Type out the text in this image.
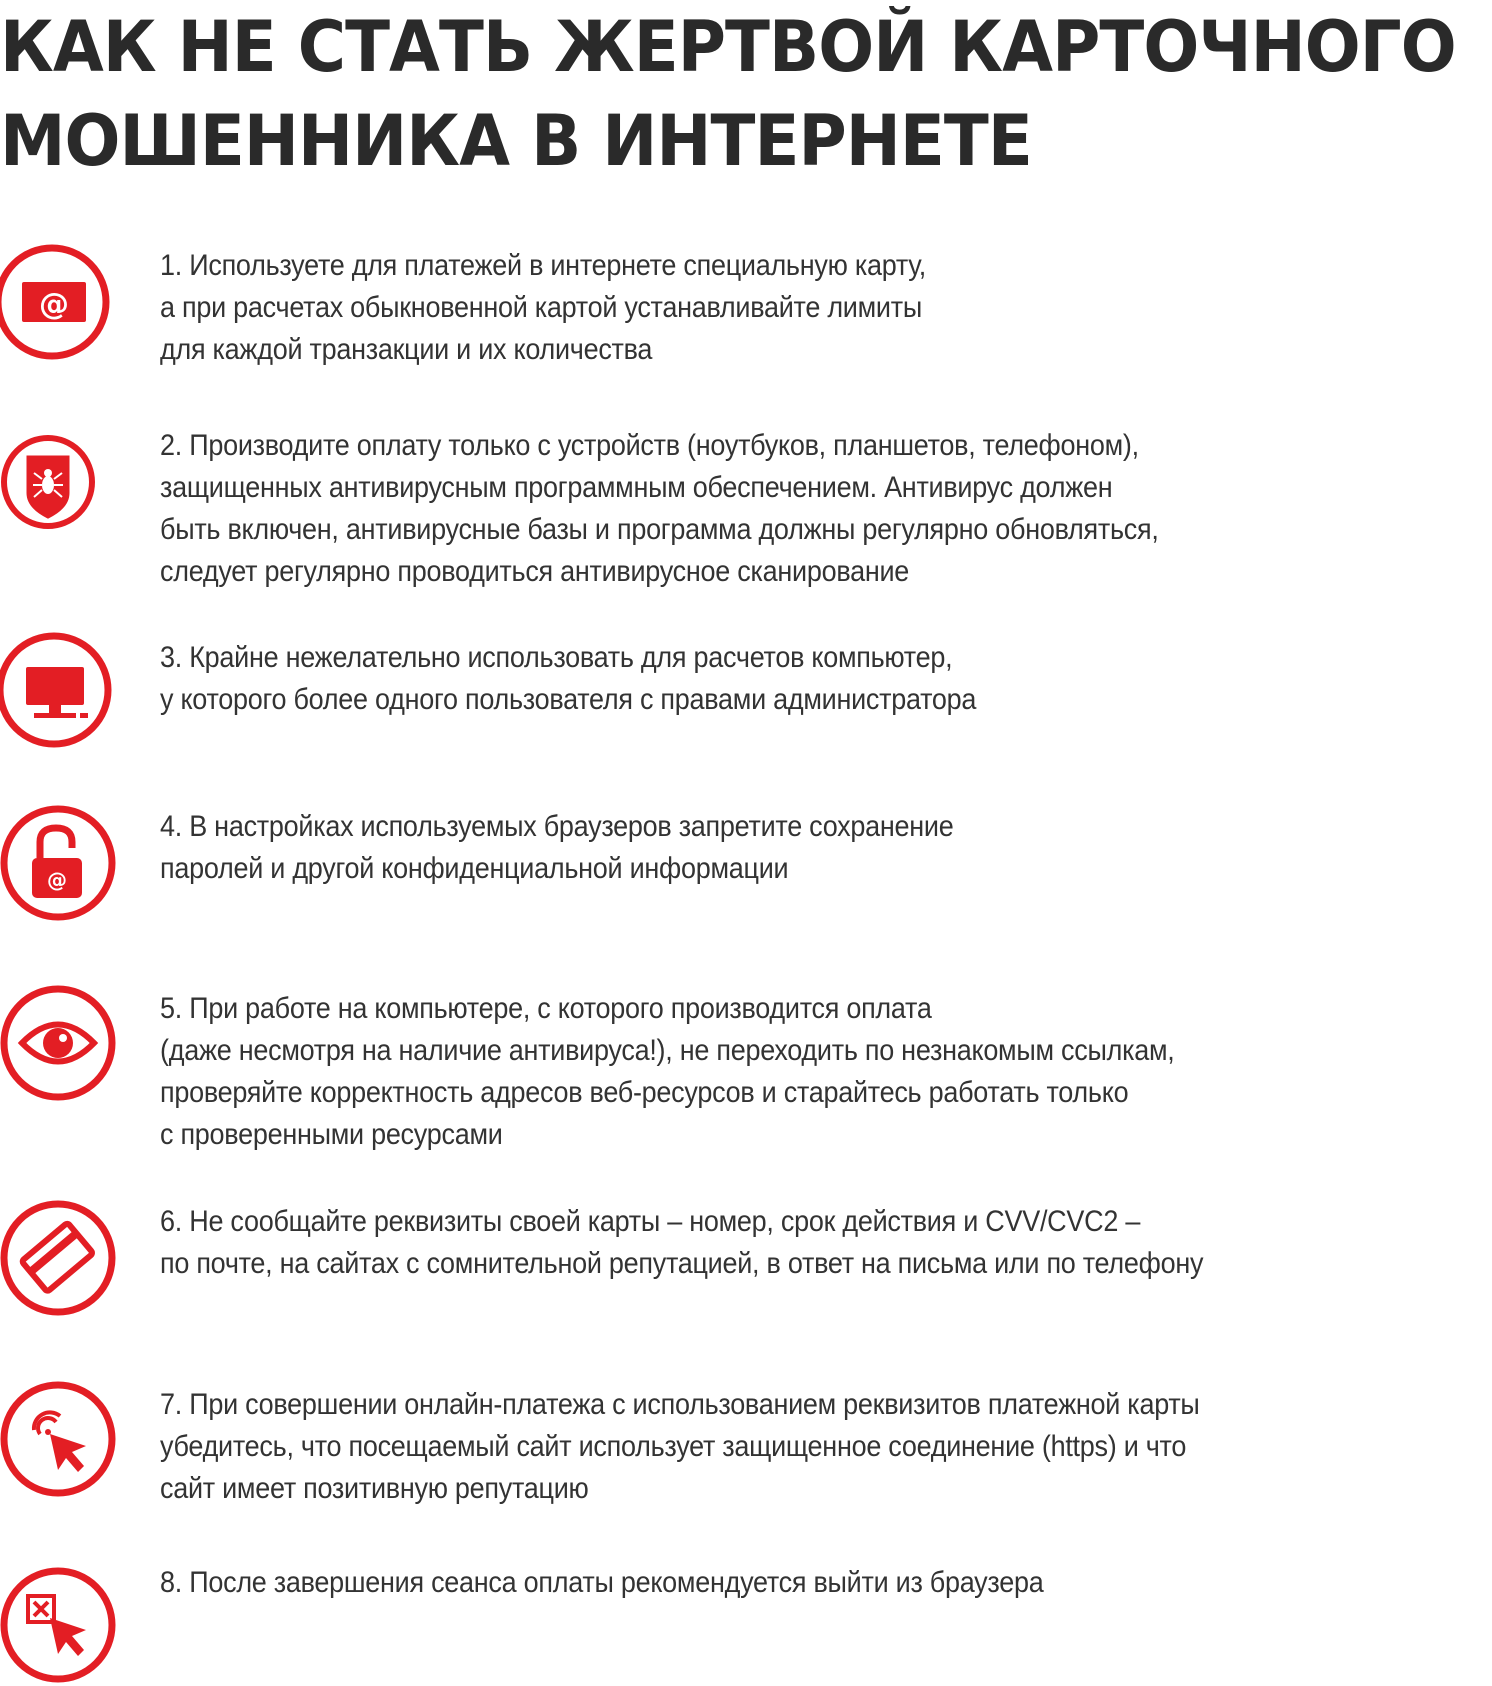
КАК НЕ СТАТЬ ЖЕРТВОЙ КАРТОЧНОГО
МОШЕННИКА В ИНТЕРНЕТЕ
@
1. Используете для платежей в интернете специальную карту,
а при расчетах обыкновенной картой устанавливайте лимиты
для каждой транзакции и их количества
2. Производите оплату только с устройств (ноутбуков, планшетов, телефоном),
защищенных антивирусным программным обеспечением. Антивирус должен
быть включен, антивирусные базы и программа должны регулярно обновляться,
следует регулярно проводиться антивирусное сканирование
3. Крайне нежелательно использовать для расчетов компьютер,
у которого более одного пользователя с правами администратора
@
4. В настройках используемых браузеров запретите сохранение
паролей и другой конфиденциальной информации
5. При работе на компьютере, с которого производится оплата
(даже несмотря на наличие антивируса!), не переходить по незнакомым ссылкам,
проверяйте корректность адресов веб-ресурсов и старайтесь работать только
с проверенными ресурсами
6. Не сообщайте реквизиты своей карты – номер, срок действия и CVV/CVC2 –
по почте, на сайтах с сомнительной репутацией, в ответ на письма или по телефону
7. При совершении онлайн-платежа с использованием реквизитов платежной карты
убедитесь, что посещаемый сайт использует защищенное соединение (https) и что
сайт имеет позитивную репутацию
8. После завершения сеанса оплаты рекомендуется выйти из браузера
